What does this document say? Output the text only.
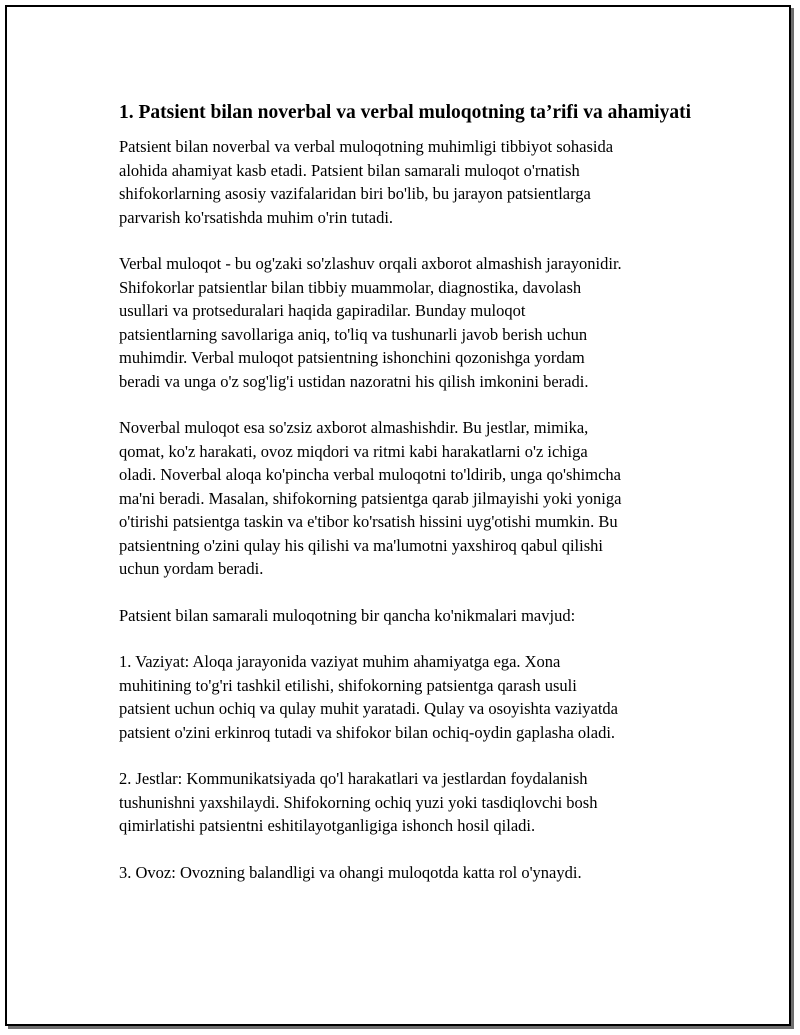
1. Patsient bilan noverbal va verbal muloqotning ta’rifi va ahamiyati

Patsient bilan noverbal va verbal muloqotning muhimligi tibbiyot sohasida
alohida ahamiyat kasb etadi. Patsient bilan samarali muloqot o'rnatish
shifokorlarning asosiy vazifalaridan biri bo'lib, bu jarayon patsientlarga
parvarish ko'rsatishda muhim o'rin tutadi.

Verbal muloqot - bu og'zaki so'zlashuv orqali axborot almashish jarayonidir.
Shifokorlar patsientlar bilan tibbiy muammolar, diagnostika, davolash
usullari va protseduralari haqida gapiradilar. Bunday muloqot
patsientlarning savollariga aniq, to'liq va tushunarli javob berish uchun
muhimdir. Verbal muloqot patsientning ishonchini qozonishga yordam
beradi va unga o'z sog'lig'i ustidan nazoratni his qilish imkonini beradi.

Noverbal muloqot esa so'zsiz axborot almashishdir. Bu jestlar, mimika,
qomat, ko'z harakati, ovoz miqdori va ritmi kabi harakatlarni o'z ichiga
oladi. Noverbal aloqa ko'pincha verbal muloqotni to'ldirib, unga qo'shimcha
ma'ni beradi. Masalan, shifokorning patsientga qarab jilmayishi yoki yoniga
o'tirishi patsientga taskin va e'tibor ko'rsatish hissini uyg'otishi mumkin. Bu
patsientning o'zini qulay his qilishi va ma'lumotni yaxshiroq qabul qilishi
uchun yordam beradi.

Patsient bilan samarali muloqotning bir qancha ko'nikmalari mavjud:

1. Vaziyat: Aloqa jarayonida vaziyat muhim ahamiyatga ega. Xona
muhitining to'g'ri tashkil etilishi, shifokorning patsientga qarash usuli
patsient uchun ochiq va qulay muhit yaratadi. Qulay va osoyishta vaziyatda
patsient o'zini erkinroq tutadi va shifokor bilan ochiq-oydin gaplasha oladi.

2. Jestlar: Kommunikatsiyada qo'l harakatlari va jestlardan foydalanish
tushunishni yaxshilaydi. Shifokorning ochiq yuzi yoki tasdiqlovchi bosh
qimirlatishi patsientni eshitilayotganligiga ishonch hosil qiladi.

3. Ovoz: Ovozning balandligi va ohangi muloqotda katta rol o'ynaydi.
